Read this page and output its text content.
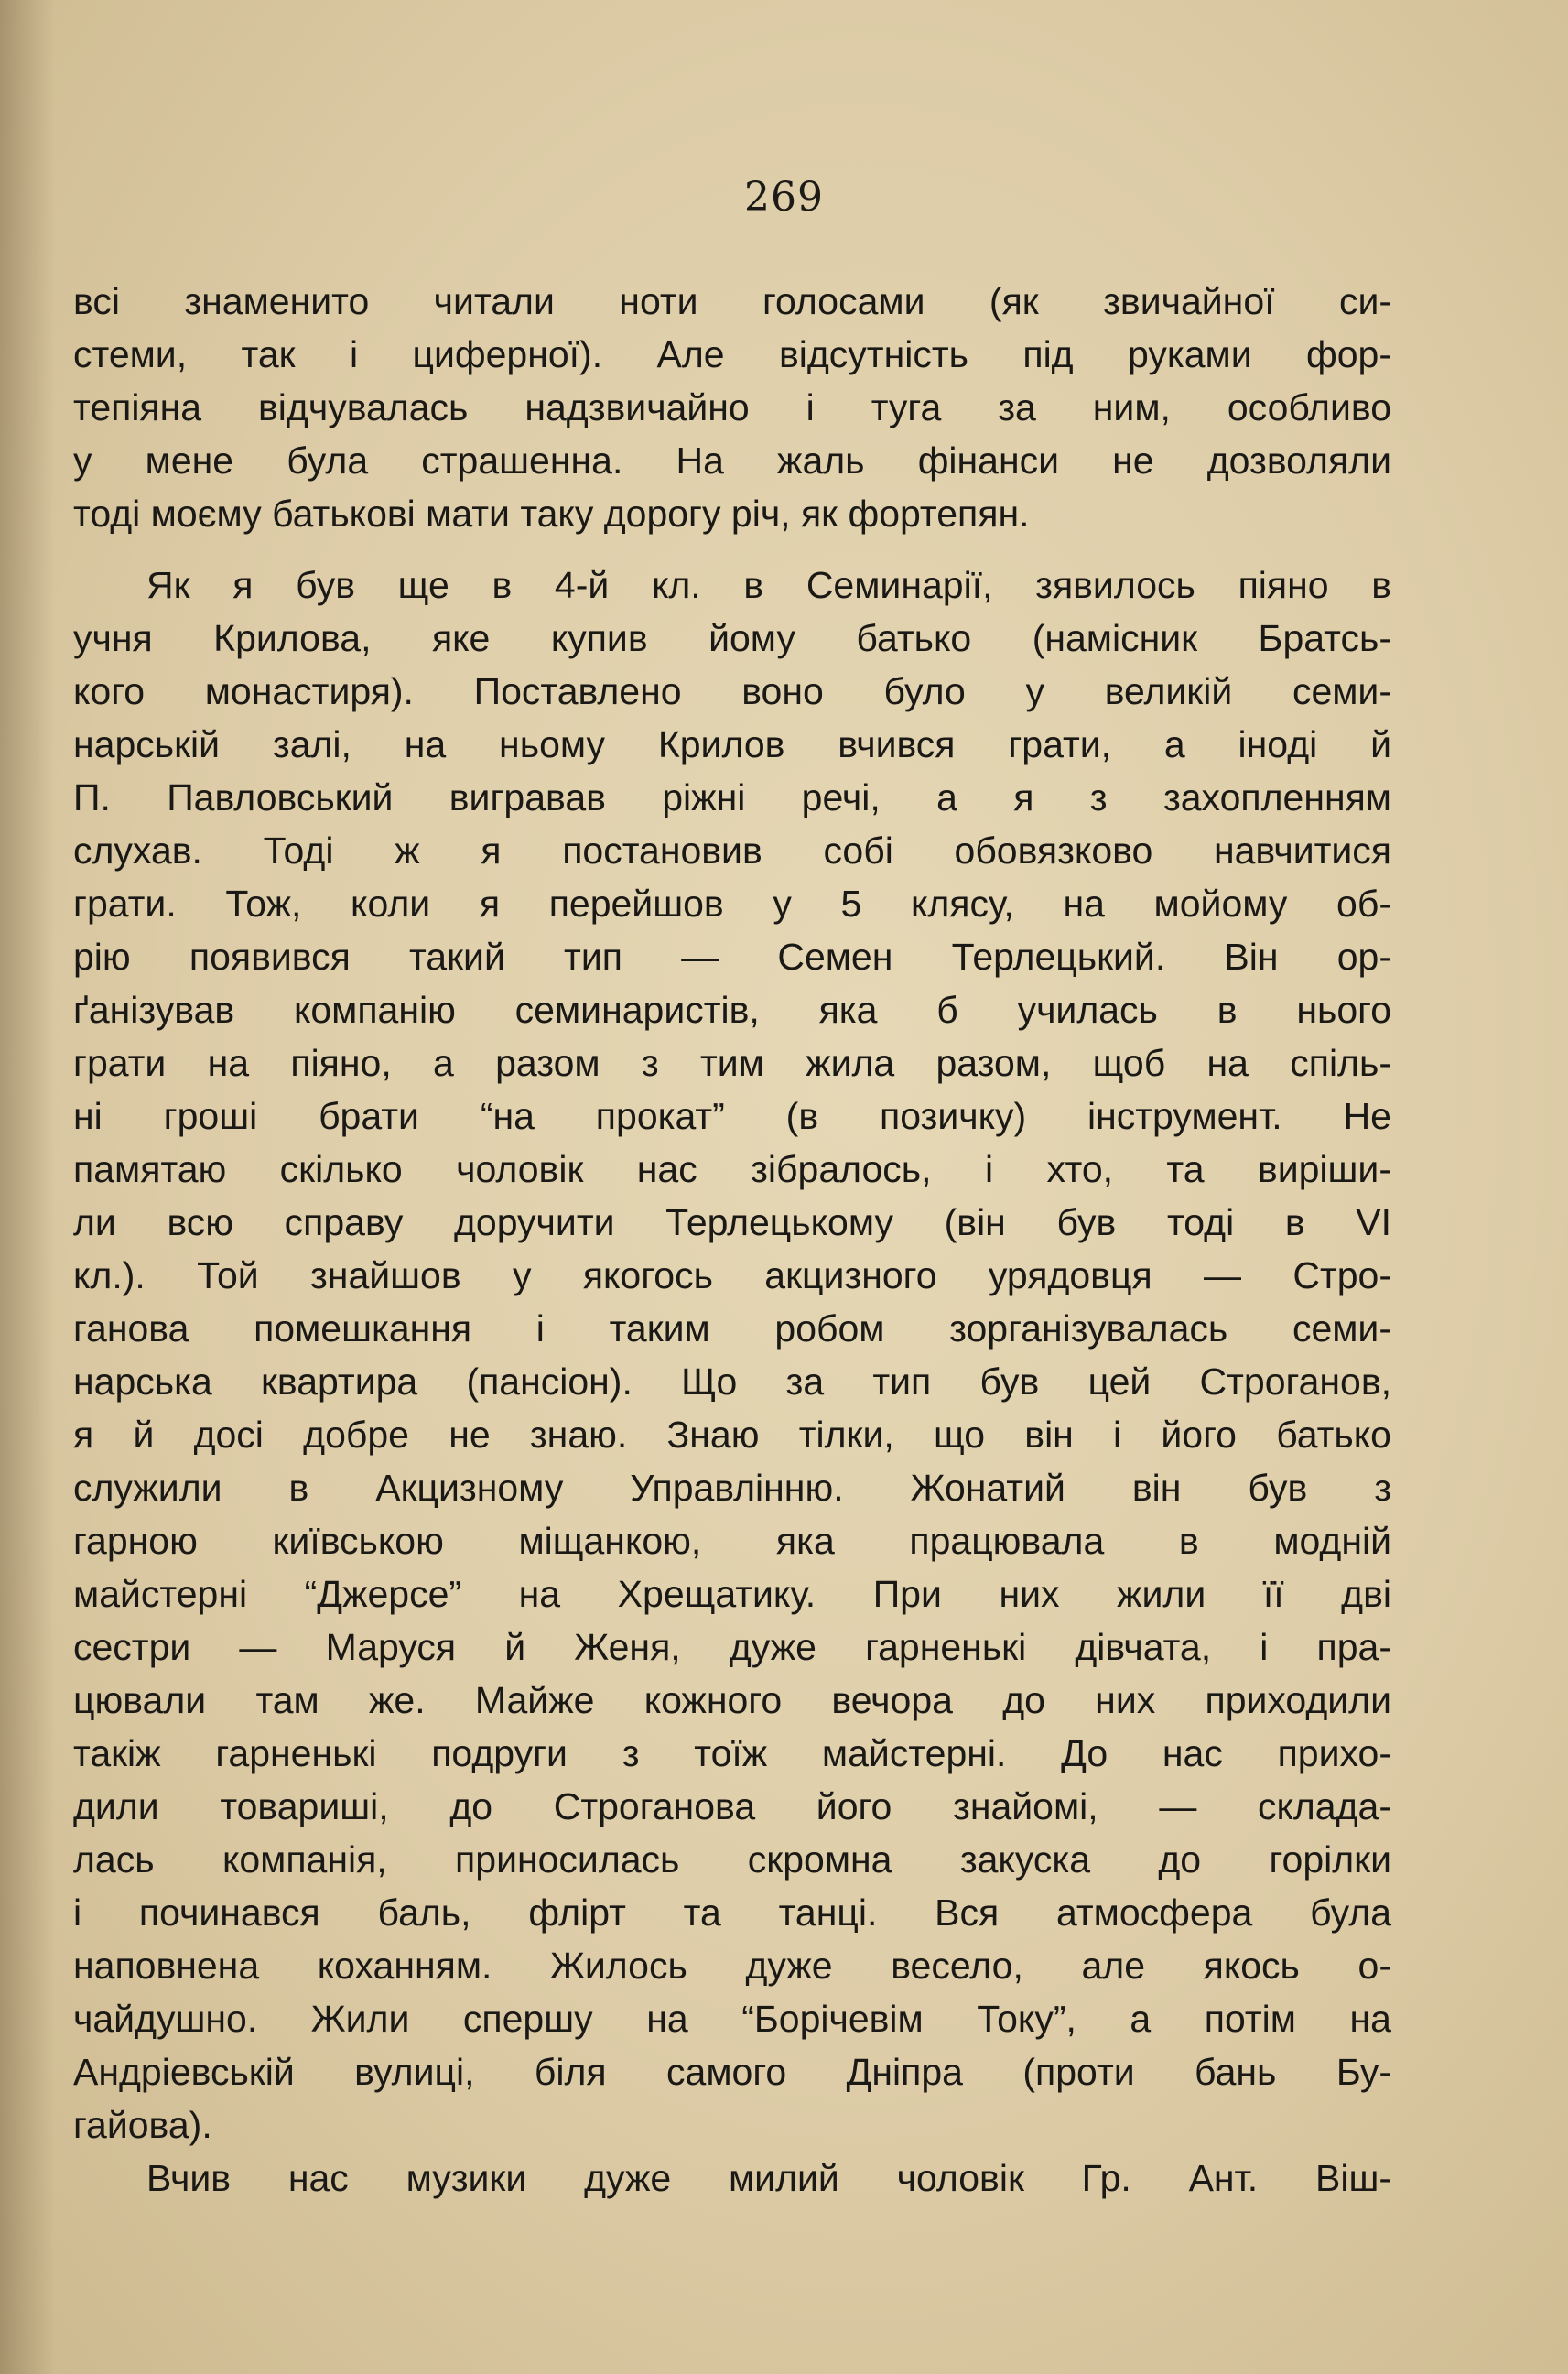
269
всі знаменито читали ноти голосами (як звичайної си-
стеми, так і циферної). Але відсутність під руками фор-
тепіяна відчувалась надзвичайно і туга за ним, особливо
у мене була страшенна. На жаль фінанси не дозволяли
тоді моєму батькові мати таку дорогу річ, як фортепян.
Як я був ще в 4-й кл. в Семинарії, зявилось піяно в
учня Крилова, яке купив йому батько (намісник Братсь-
кого монастиря). Поставлено воно було у великій семи-
нарській залі, на ньому Крилов вчився грати, а іноді й
П. Павловський вигравав ріжні речі, а я з захопленням
слухав. Тоді ж я постановив собі обовязково навчитися
грати. Тож, коли я перейшов у 5 клясу, на мойому об-
рію появився такий тип — Семен Терлецький. Він ор-
ґанізував компанію семинаристів, яка б училась в нього
грати на піяно, а разом з тим жила разом, щоб на спіль-
ні гроші брати “на прокат” (в позичку) інструмент. Не
памятаю скілько чоловік нас зібралось, і хто, та виріши-
ли всю справу доручити Терлецькому (він був тоді в VI
кл.). Той знайшов у якогось акцизного урядовця — Стро-
ганова помешкання і таким робом зорганізувалась семи-
нарська квартира (пансіон). Що за тип був цей Строганов,
я й досі добре не знаю. Знаю тілки, що він і його батько
служили в Акцизному Управлінню. Жонатий він був з
гарною київською міщанкою, яка працювала в модній
майстерні “Джерсе” на Хрещатику. При них жили її дві
сестри — Маруся й Женя, дуже гарненькі дівчата, і пра-
цювали там же. Майже кожного вечора до них приходили
такіж гарненькі подруги з тоїж майстерні. До нас прихо-
дили товариші, до Строганова його знайомі, — склада-
лась компанія, приносилась скромна закуска до горілки
і починався баль, флірт та танці. Вся атмосфера була
наповнена коханням. Жилось дуже весело, але якось о-
чайдушно. Жили спершу на “Борічевім Току”, а потім на
Андріевській вулиці, біля самого Дніпра (проти бань Бу-
гайова).
Вчив нас музики дуже милий чоловік Гр. Ант. Віш-
